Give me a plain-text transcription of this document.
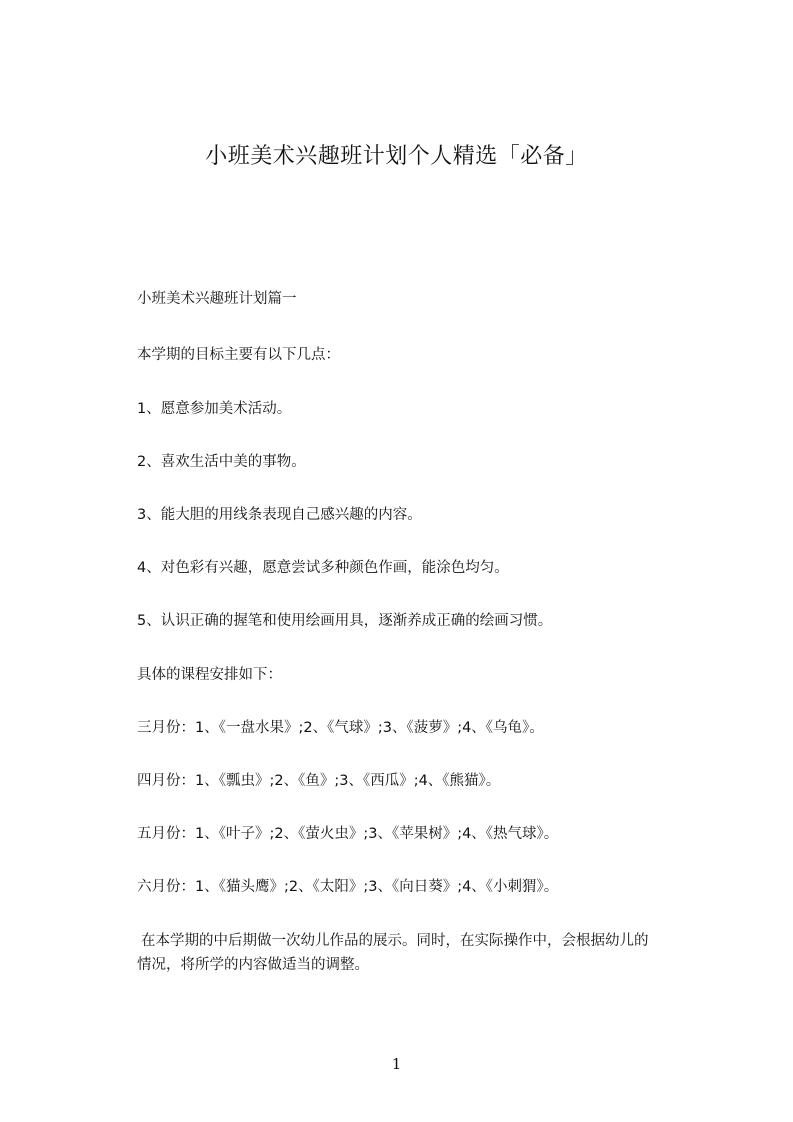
小班美术兴趣班计划个人精选「必备」
小班美术兴趣班计划篇一
本学期的目标主要有以下几点：
1、愿意参加美术活动。
2、喜欢生活中美的事物。
3、能大胆的用线条表现自己感兴趣的内容。
4、对色彩有兴趣，愿意尝试多种颜色作画，能涂色均匀。
5、认识正确的握笔和使用绘画用具，逐渐养成正确的绘画习惯。
具体的课程安排如下：
三月份：1、《一盘水果》;2、《气球》;3、《菠萝》;4、《乌龟》。
四月份：1、《瓢虫》;2、《鱼》;3、《西瓜》;4、《熊猫》。
五月份：1、《叶子》;2、《萤火虫》;3、《苹果树》;4、《热气球》。
六月份：1、《猫头鹰》;2、《太阳》;3、《向日葵》;4、《小刺猬》。
在本学期的中后期做一次幼儿作品的展示。同时，在实际操作中，会根据幼儿的
情况，将所学的内容做适当的调整。
1
